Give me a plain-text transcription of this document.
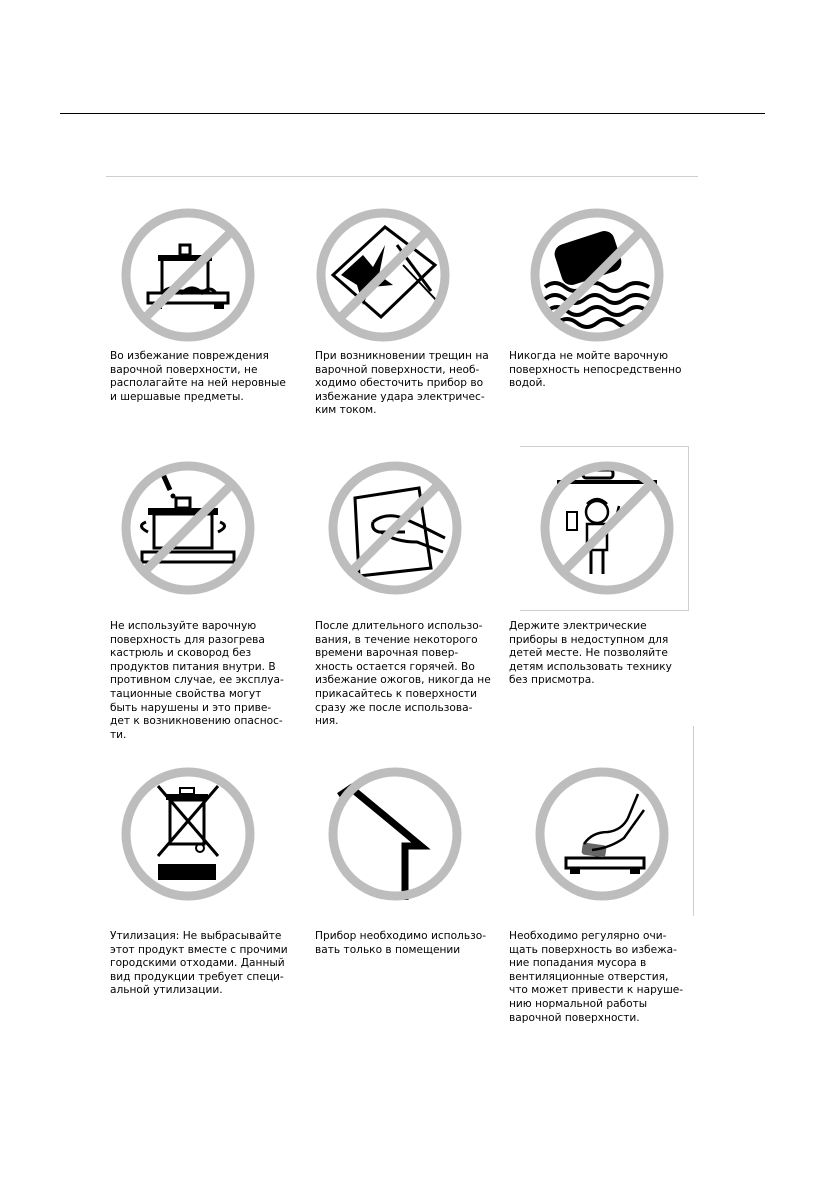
Во избежание повреждения
варочной поверхности, не
располагайте на ней неровные
и шершавые предметы.
При возникновении трещин на
варочной поверхности, необ-
ходимо обесточить прибор во
избежание удара электричес-
ким током.
Никогда не мойте варочную
поверхность непосредственно
водой.
Не используйте варочную
поверхность для разогрева
кастрюль и сковород без
продуктов питания внутри. В
противном случае, ее эксплуа-
тационные свойства могут
быть нарушены и это приве-
дет к возникновению опаснос-
ти.
После длительного использо-
вания, в течение некоторого
времени варочная повер-
хность остается горячей. Во
избежание ожогов, никогда не
прикасайтесь к поверхности
сразу же после использова-
ния.
Держите электрические
приборы в недоступном для
детей месте. Не позволяйте
детям использовать технику
без присмотра.
Утилизация: Не выбрасывайте
этот продукт вместе с прочими
городскими отходами. Данный
вид продукции требует специ-
альной утилизации.
Прибор необходимо использо-
вать только в помещении
Необходимо регулярно очи-
щать поверхность во избежа-
ние попадания мусора в
вентиляционные отверстия,
что может привести к наруше-
нию нормальной работы
варочной поверхности.
